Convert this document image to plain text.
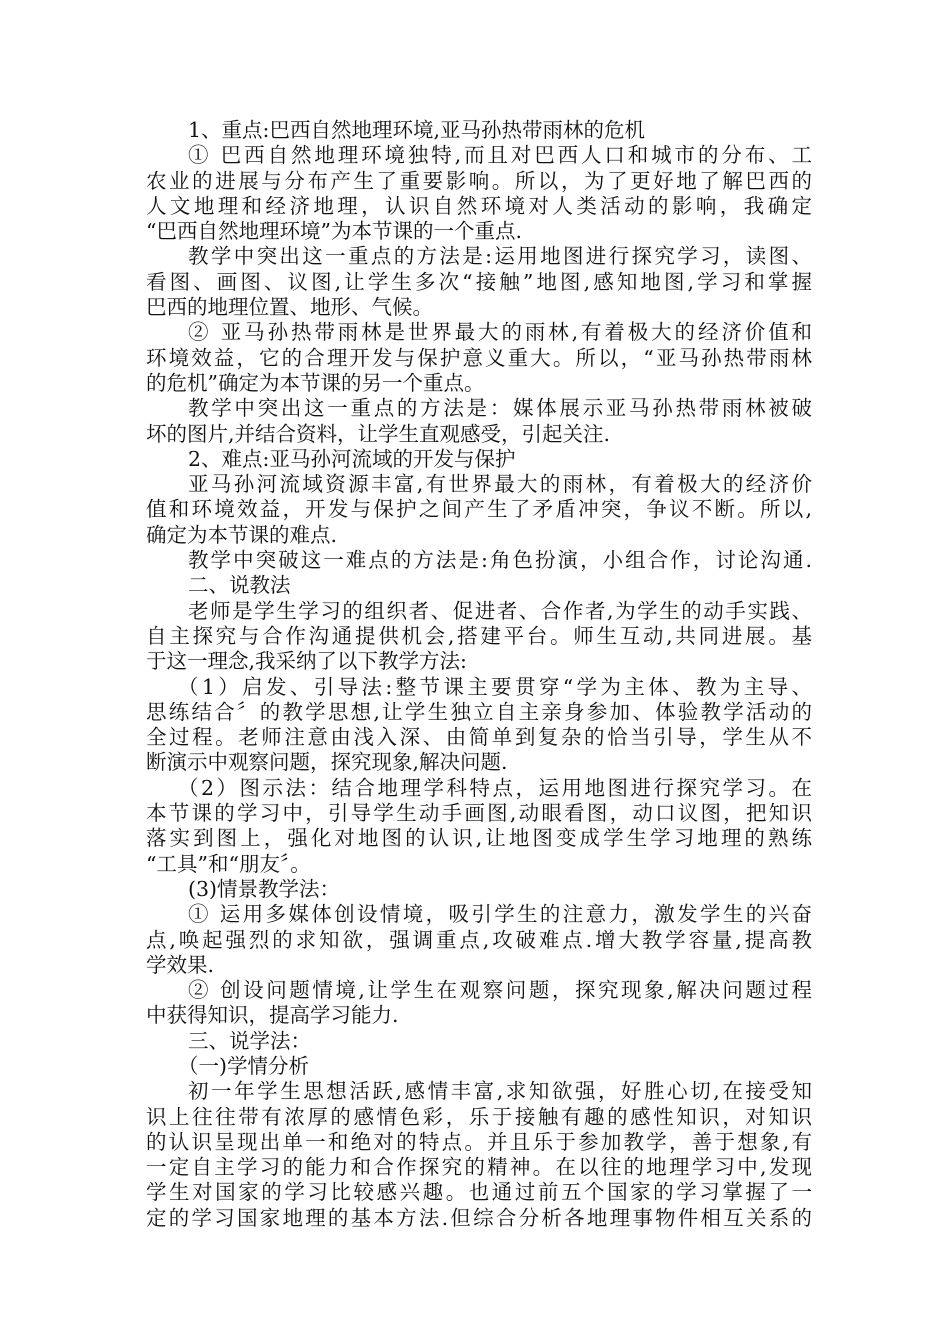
1、重点:巴西自然地理环境,亚马孙热带雨林的危机
① 巴西自然地理环境独特,而且对巴西人口和城市的分布、工
农业的进展与分布产生了重要影响。所以，为了更好地了解巴西的
人文地理和经济地理，认识自然环境对人类活动的影响，我确定
“巴西自然地理环境”为本节课的一个重点.
教学中突出这一重点的方法是:运用地图进行探究学习，读图、
看图、画图、议图,让学生多次“接触”地图,感知地图,学习和掌握
巴西的地理位置、地形、气候。
② 亚马孙热带雨林是世界最大的雨林,有着极大的经济价值和
环境效益，它的合理开发与保护意义重大。所以，“亚马孙热带雨林
的危机”确定为本节课的另一个重点。
教学中突出这一重点的方法是：媒体展示亚马孙热带雨林被破
坏的图片,并结合资料，让学生直观感受，引起关注.
2、难点:亚马孙河流域的开发与保护
亚马孙河流域资源丰富,有世界最大的雨林，有着极大的经济价
值和环境效益，开发与保护之间产生了矛盾冲突，争议不断。所以,
确定为本节课的难点.
教学中突破这一难点的方法是:角色扮演，小组合作，讨论沟通.
二、说教法
老师是学生学习的组织者、促进者、合作者,为学生的动手实践、
自主探究与合作沟通提供机会,搭建平台。师生互动,共同进展。基
于这一理念,我采纳了以下教学方法:
（1）启发、引导法:整节课主要贯穿“学为主体、教为主导、
思练结合〞的教学思想,让学生独立自主亲身参加、体验教学活动的
全过程。老师注意由浅入深、由简单到复杂的恰当引导，学生从不
断演示中观察问题，探究现象,解决问题.
（2）图示法：结合地理学科特点，运用地图进行探究学习。在
本节课的学习中，引导学生动手画图,动眼看图，动口议图，把知识
落实到图上，强化对地图的认识,让地图变成学生学习地理的熟练
“工具”和“朋友〞。
(3)情景教学法：
① 运用多媒体创设情境，吸引学生的注意力，激发学生的兴奋
点,唤起强烈的求知欲，强调重点,攻破难点.增大教学容量,提高教
学效果.
② 创设问题情境,让学生在观察问题，探究现象,解决问题过程
中获得知识，提高学习能力.
三、说学法：
（一)学情分析
初一年学生思想活跃,感情丰富,求知欲强，好胜心切,在接受知
识上往往带有浓厚的感情色彩，乐于接触有趣的感性知识，对知识
的认识呈现出单一和绝对的特点。并且乐于参加教学，善于想象,有
一定自主学习的能力和合作探究的精神。在以往的地理学习中,发现
学生对国家的学习比较感兴趣。也通过前五个国家的学习掌握了一
定的学习国家地理的基本方法.但综合分析各地理事物件相互关系的
